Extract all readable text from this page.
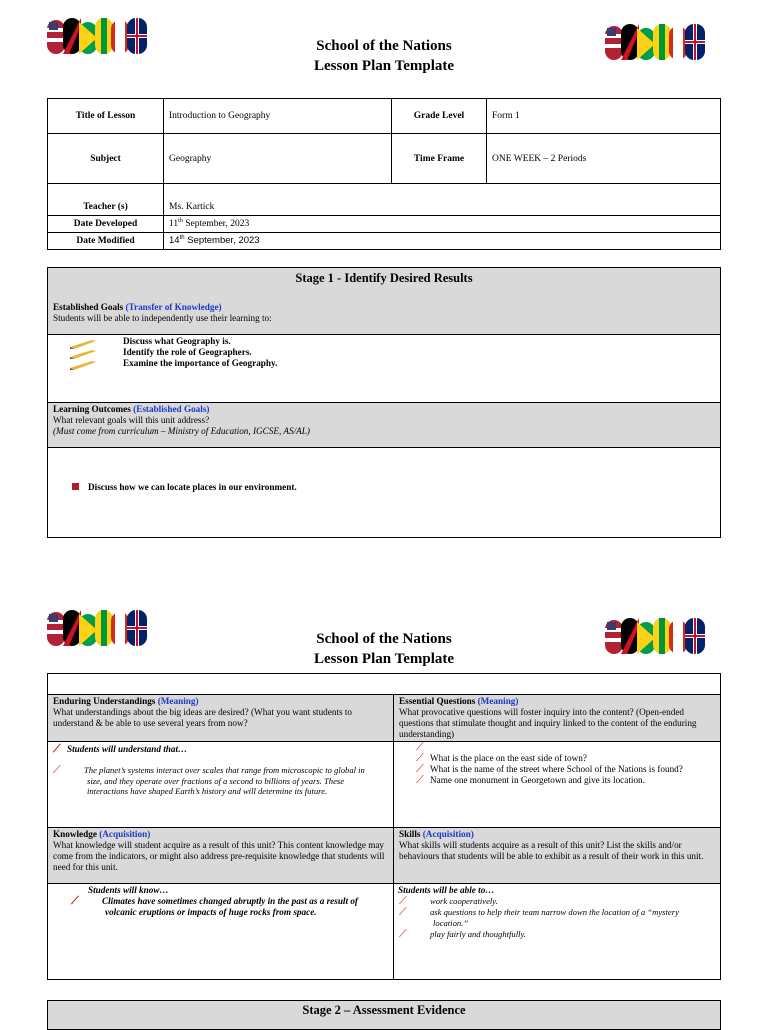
School of the Nations
Lesson Plan Template
Title of Lesson	Introduction to Geography	Grade Level	Form 1
Subject	Geography	Time Frame	ONE WEEK – 2 Periods
Teacher (s)	Ms. Kartick		
Date Developed	11th September, 2023		
Date Modified	14th September, 2023		
Stage 1 - Identify Desired Results
Established Goals (Transfer of Knowledge)
Students will be able to independently use their learning to:
Discuss what Geography is.
Identify the role of Geographers.
Examine the importance of Geography.
Learning Outcomes (Established Goals)
What relevant goals will this unit address?
(Must come from curriculum – Ministry of Education, IGCSE, AS/AL)
Discuss how we can locate places in our environment.
School of the Nations
Lesson Plan Template
Enduring Understandings (Meaning)
What understandings about the big ideas are desired? (What you want students to understand & be able to use several years from now?
⟋ Students will understand that…
⟋	The planet’s systems interact over scales that range from microscopic to global in size, and they operate over fractions of a second to billions of years. These interactions have shaped Earth’s history and will determine its future.
Essential Questions (Meaning)
What provocative questions will foster inquiry into the content? (Open-ended questions that stimulate thought and inquiry linked to the content of the enduring understanding)
⟋
⟋ What is the place on the east side of town?
⟋ What is the name of the street where School of the Nations is found?
⟋ Name one monument in Georgetown and give its location.
Knowledge (Acquisition)
What knowledge will student acquire as a result of this unit? This content knowledge may come from the indicators, or might also address pre-requisite knowledge that students will need for this unit.
Students will know…
⟋	Climates have sometimes changed abruptly in the past as a result of volcanic eruptions or impacts of huge rocks from space.
Skills (Acquisition)
What skills will students acquire as a result of this unit? List the skills and/or behaviours that students will be able to exhibit as a result of their work in this unit.
Students will be able to…
⟋	work cooperatively.
⟋	ask questions to help their team narrow down the location of a “mystery location.”
⟋	play fairly and thoughtfully.
Stage 2 – Assessment Evidence
